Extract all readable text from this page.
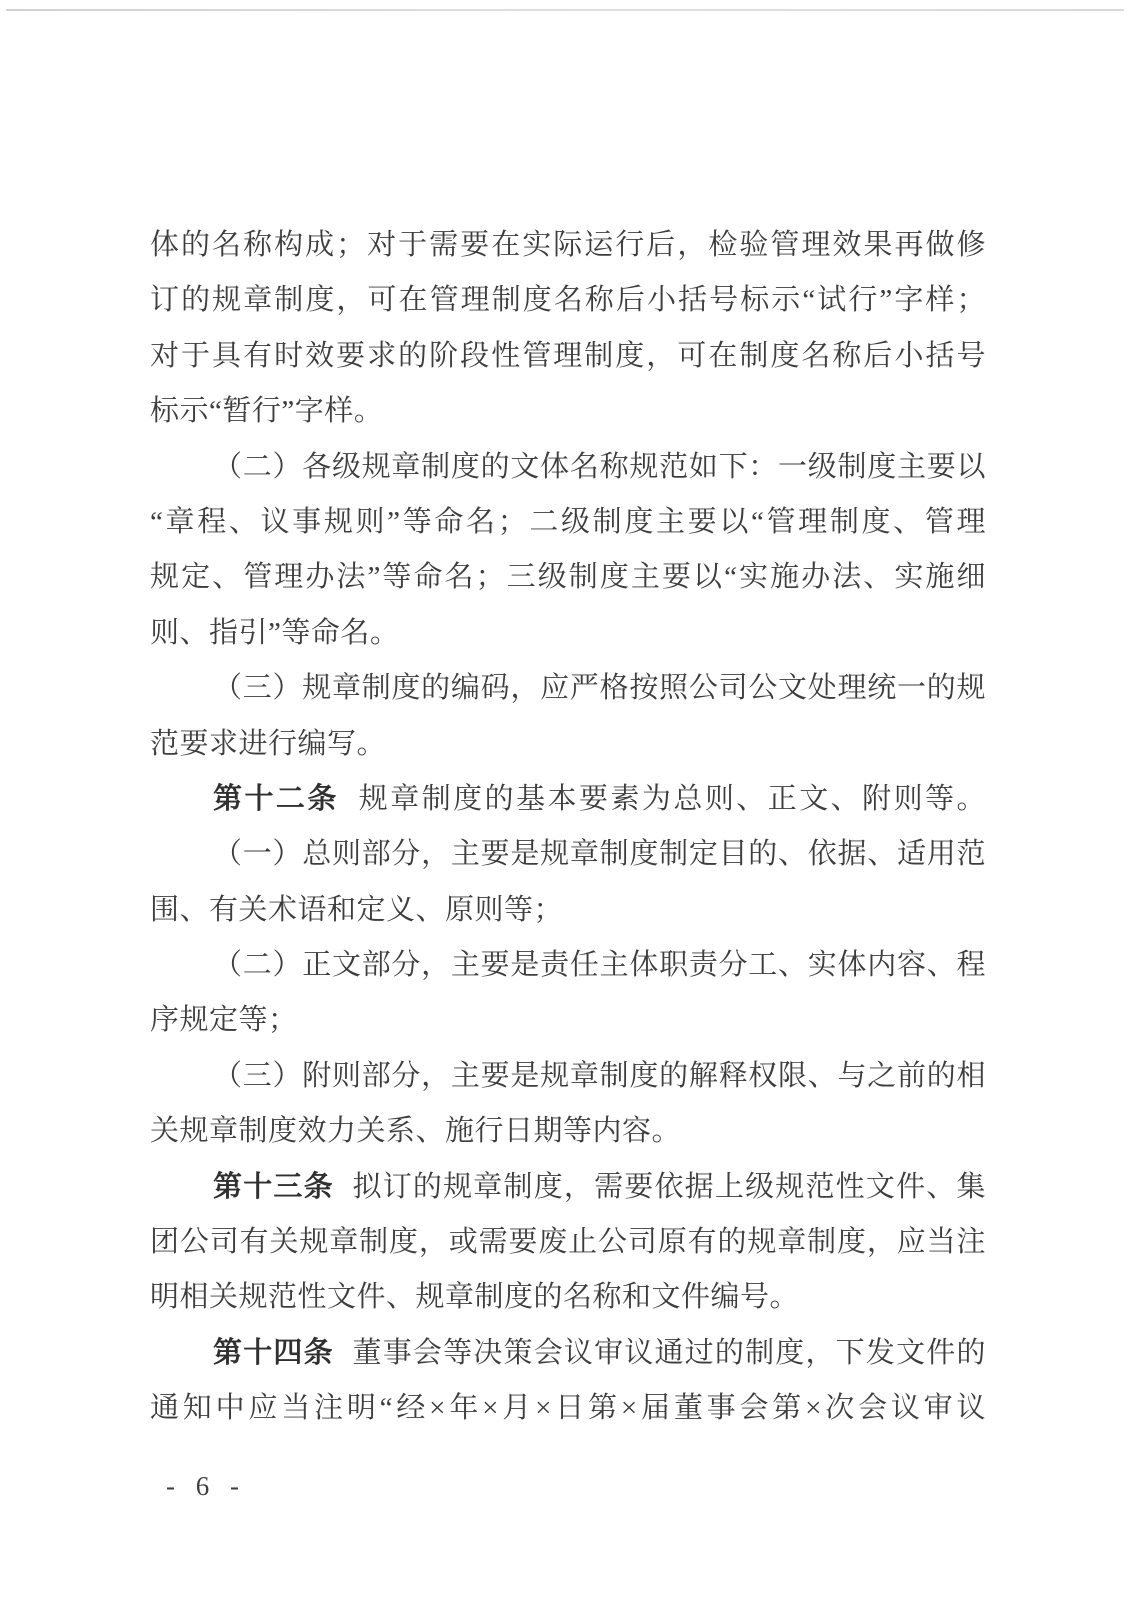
体的名称构成；对于需要在实际运行后，检验管理效果再做修
订的规章制度，可在管理制度名称后小括号标示“试行”字样；
对于具有时效要求的阶段性管理制度，可在制度名称后小括号
标示“暂行”字样。
（二）各级规章制度的文体名称规范如下：一级制度主要以
“章程、议事规则”等命名；二级制度主要以“管理制度、管理
规定、管理办法”等命名；三级制度主要以“实施办法、实施细
则、指引”等命名。
（三）规章制度的编码，应严格按照公司公文处理统一的规
范要求进行编写。
第十二条 规章制度的基本要素为总则、正文、附则等。
（一）总则部分，主要是规章制度制定目的、依据、适用范
围、有关术语和定义、原则等；
（二）正文部分，主要是责任主体职责分工、实体内容、程
序规定等；
（三）附则部分，主要是规章制度的解释权限、与之前的相
关规章制度效力关系、施行日期等内容。
第十三条 拟订的规章制度，需要依据上级规范性文件、集
团公司有关规章制度，或需要废止公司原有的规章制度，应当注
明相关规范性文件、规章制度的名称和文件编号。
第十四条 董事会等决策会议审议通过的制度，下发文件的
通知中应当注明“经×年×月×日第×届董事会第×次会议审议
- 6 -
